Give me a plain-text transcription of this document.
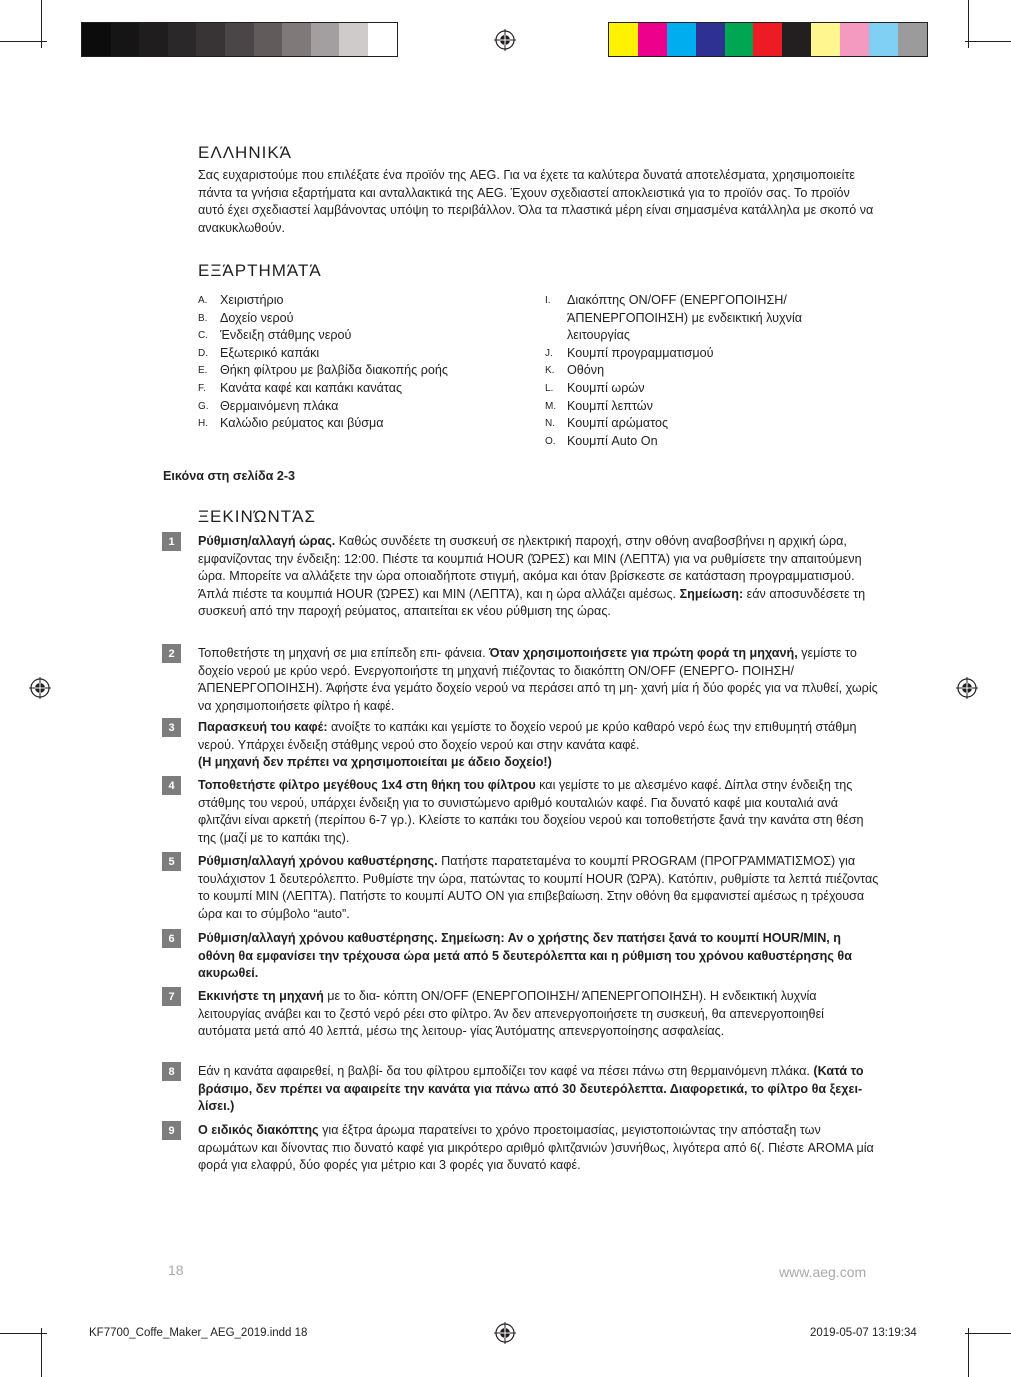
ΕΛΛΗΝΙΚΆ
Σας ευχαριστούμε που επιλέξατε ένα προϊόν της AEG. Για να έχετε τα καλύτερα δυνατά αποτελέσματα, χρησιμοποιείτε πάντα τα γνήσια εξαρτήματα και ανταλλακτικά της AEG. Έχουν σχεδιαστεί αποκλειστικά για το προϊόν σας. Το προϊόν αυτό έχει σχεδιαστεί λαμβάνοντας υπόψη το περιβάλλον. Όλα τα πλαστικά μέρη είναι σημασμένα κατάλληλα με σκοπό να ανακυκλωθούν.
ΕΞΆΡΤΗΜΆΤΆ
A. Χειριστήριο
B. Δοχείο νερού
C. Ένδειξη στάθμης νερού
D. Εξωτερικό καπάκι
E. Θήκη φίλτρου με βαλβίδα διακοπής ροής
F.	Κανάτα καφέ και καπάκι κανάτας
G. Θερμαινόμενη πλάκα
H. Καλώδιο ρεύματος και βύσμα
I.	Διακόπτης ON/OFF (ΕΝΕΡΓΟΠΟΙΗΣΗ/ ΆΠΕΝΕΡΓΟΠΟΙΗΣΗ) με ενδεικτική λυχνία λειτουργίας
J.	Κουμπί προγραμματισμού
K. Οθόνη
L.	Κουμπί ωρών
M. Κουμπί λεπτών
N. Κουμπί αρώματος
O. Κουμπί Auto On
Εικόνα στη σελίδα 2-3
ΞΕΚΙΝΏΝΤΆΣ
1	Ρύθμιση/αλλαγή ώρας. Καθώς συνδέετε τη συσκευή σε ηλεκτρική παροχή, στην οθόνη αναβοσβήνει η αρχική ώρα, εμφανίζοντας την ένδειξη: 12:00. Πιέστε τα κουμπιά HOUR (ΏΡΕΣ) και MIN (ΛΕΠΤΆ) για να ρυθμίσετε την απαιτούμενη ώρα. Μπορείτε να αλλάξετε την ώρα οποιαδήποτε στιγμή, ακόμα και όταν βρίσκεστε σε κατάσταση προγραμματισμού. Άπλά πιέστε τα κουμπιά HOUR (ΏΡΕΣ) και MIN (ΛΕΠΤΆ), και η ώρα αλλάζει αμέσως. Σημείωση: εάν αποσυνδέσετε τη συσκευή από την παροχή ρεύματος, απαιτείται εκ νέου ρύθμιση της ώρας.
2	Τοποθετήστε τη μηχανή σε μια επίπεδη επι- φάνεια. Όταν χρησιμοποιήσετε για πρώτη φορά τη μηχανή, γεμίστε το δοχείο νερού με κρύο νερό. Ενεργοποιήστε τη μηχανή πιέζοντας το διακόπτη ON/OFF (ΕΝΕΡΓΟ- ΠΟΙΗΣΗ/ΆΠΕΝΕΡΓΟΠΟΙΗΣΗ). Άφήστε ένα γεμάτο δοχείο νερού να περάσει από τη μη- χανή μία ή δύο φορές για να πλυθεί, χωρίς να χρησιμοποιήσετε φίλτρο ή καφέ.
3	Παρασκευή του καφέ: ανοίξτε το καπάκι και γεμίστε το δοχείο νερού με κρύο καθαρό νερό έως την επιθυμητή στάθμη νερού. Υπάρχει ένδειξη στάθμης νερού στο δοχείο νερού και στην κανάτα καφέ.
(Η μηχανή δεν πρέπει να χρησιμοποιείται με άδειο δοχείο!)
4	Τοποθετήστε φίλτρο μεγέθους 1x4 στη θήκη του φίλτρου και γεμίστε το με αλεσμένο καφέ. Δίπλα στην ένδειξη της στάθμης του νερού, υπάρχει ένδειξη για το συνιστώμενο αριθμό κουταλιών καφέ. Για δυνατό καφέ μια κουταλιά ανά φλιτζάνι είναι αρκετή (περίπου 6-7 γρ.). Κλείστε το καπάκι του δοχείου νερού και τοποθετήστε ξανά την κανάτα στη θέση της (μαζί με το καπάκι της).
5	Ρύθμιση/αλλαγή χρόνου καθυστέρησης. Πατήστε παρατεταμένα το κουμπί PROGRAM (ΠΡΟΓΡΆΜΜΆΤΙΣΜΟΣ) για τουλάχιστον 1 δευτερόλεπτο. Ρυθμίστε την ώρα, πατώντας το κουμπί HOUR (ΏΡΆ). Κατόπιν, ρυθμίστε τα λεπτά πιέζοντας το κουμπί MIN (ΛΕΠΤΆ). Πατήστε το κουμπί AUTO ON για επιβεβαίωση. Στην οθόνη θα εμφανιστεί αμέσως η τρέχουσα ώρα και το σύμβολο “auto”.
6	Ρύθμιση/αλλαγή χρόνου καθυστέρησης. Σημείωση: Αν ο χρήστης δεν πατήσει ξανά το κουμπί HOUR/MIN, η οθόνη θα εμφανίσει την τρέχουσα ώρα μετά από 5 δευτερόλεπτα και η ρύθμιση του χρόνου καθυστέρησης θα ακυρωθεί.
7	Εκκινήστε τη μηχανή με το δια- κόπτη ON/OFF (ΕΝΕΡΓΟΠΟΙΗΣΗ/ ΆΠΕΝΕΡΓΟΠΟΙΗΣΗ). Η ενδεικτική λυχνία λειτουργίας ανάβει και το ζεστό νερό ρέει στο φίλτρο. Άν δεν απενεργοποιήσετε τη συσκευή, θα απενεργοποιηθεί αυτόματα μετά από 40 λεπτά, μέσω της λειτουρ- γίας Άυτόματης απενεργοποίησης ασφαλείας.
8	Εάν η κανάτα αφαιρεθεί, η βαλβί- δα του φίλτρου εμποδίζει τον καφέ να πέσει πάνω στη θερμαινόμενη πλάκα. (Κατά το βράσιμο, δεν πρέπει να αφαιρείτε την κανάτα για πάνω από 30 δευτερόλεπτα. Διαφορετικά, το φίλτρο θα ξεχει- λίσει.)
9	Ο ειδικός διακόπτης για έξτρα άρωμα παρατείνει το χρόνο προετοιμασίας, μεγιστοποιώντας την απόσταξη των αρωμάτων και δίνοντας πιο δυνατό καφέ για μικρότερο αριθμό φλιτζανιών )συνήθως, λιγότερα από 6(. Πιέστε AROMA μία φορά για ελαφρύ, δύο φορές για μέτριο και 3 φορές για δυνατό καφέ.
18	www.aeg.com
KF7700_Coffe_Maker_ AEG_2019.indd 18	2019-05-07 13:19:34
